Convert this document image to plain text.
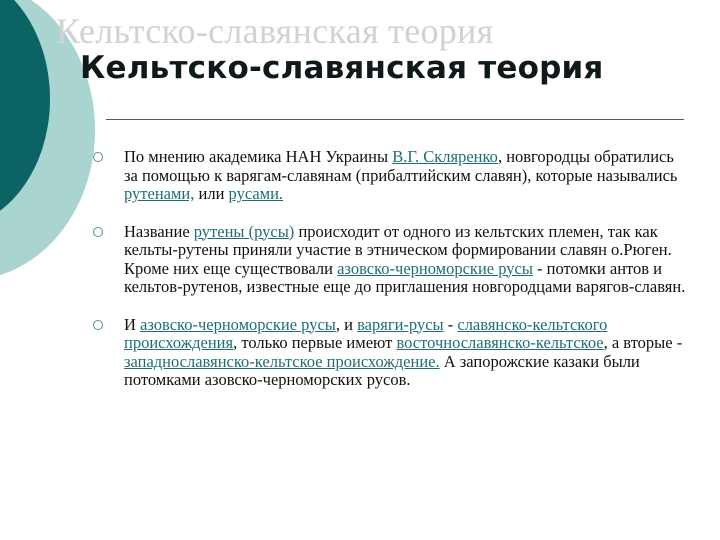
Кельтско-славянская теория
Кельтско-славянская теория
По мнению академика НАН Украины В.Г. Скляренко, новгородцы обратились за помощью к варягам-славянам (прибалтийским славян), которые назывались рутенами, или русами.
Название рутены (русы) происходит от одного из кельтских племен, так как кельты-рутены приняли участие в этническом формировании славян о.Рюген. Кроме них еще существовали азовско-черноморские русы - потомки антов и кельтов-рутенов, известные еще до приглашения новгородцами варягов-славян.
И азовско-черноморские русы, и варяги-русы - славянско-кельтского происхождения, только первые имеют восточнославянско-кельтское, а вторые - западнославянско-кельтское происхождение. А запорожские казаки были потомками азовско-черноморских русов.
